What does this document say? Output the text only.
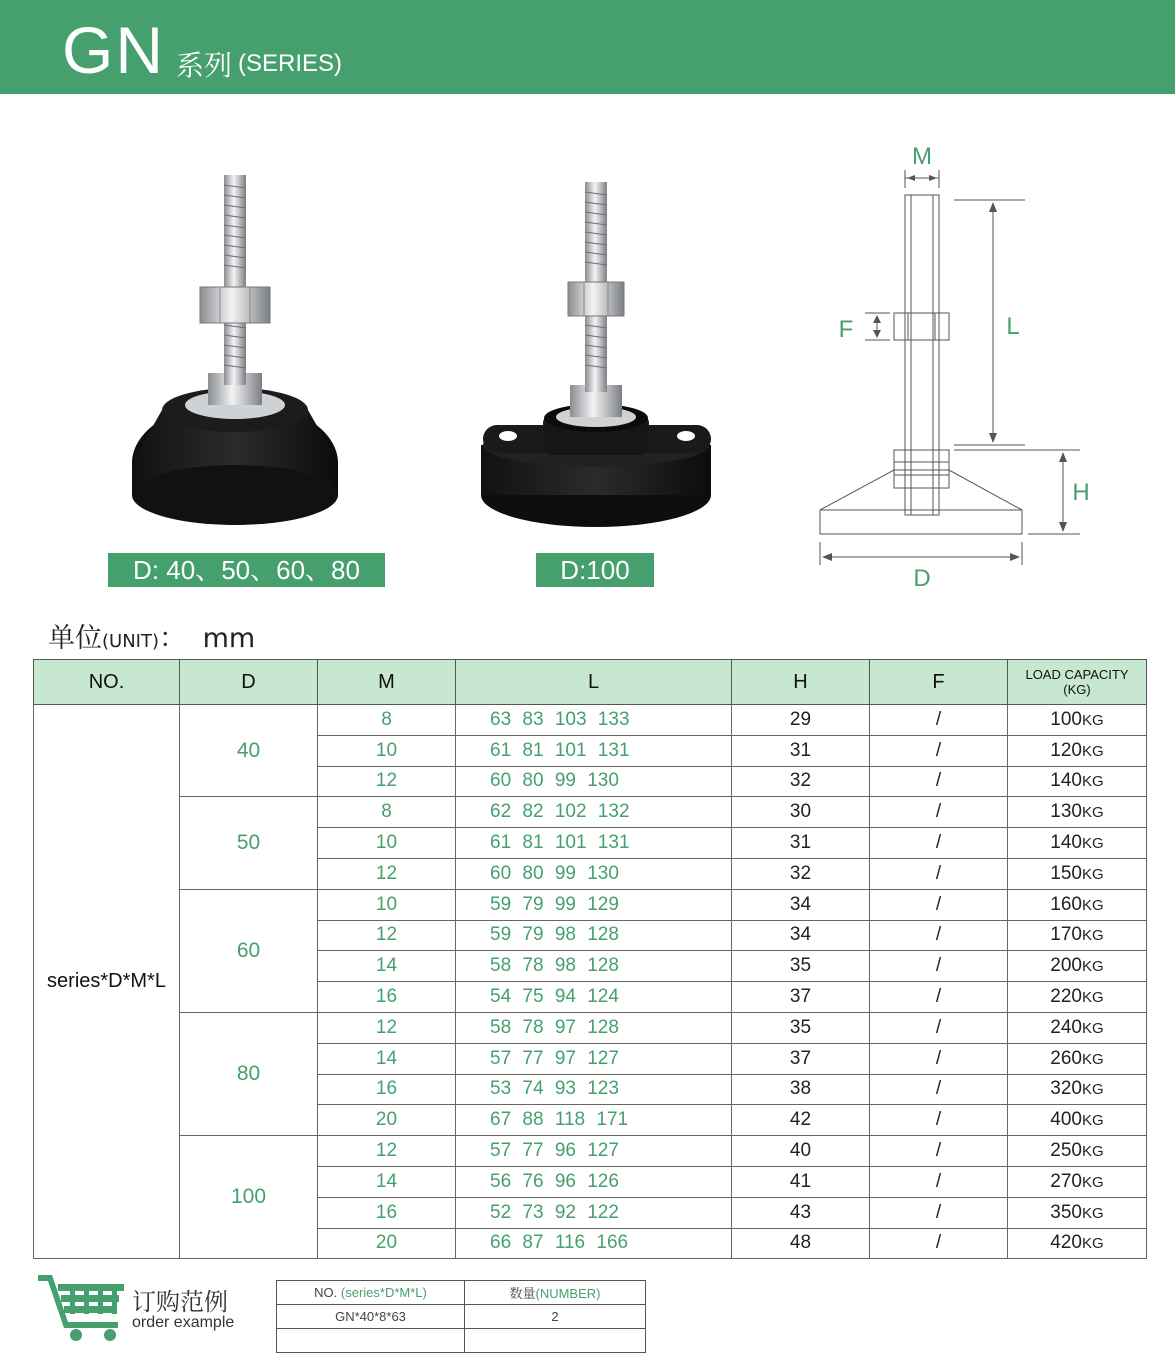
GN 系列 (SERIES)
D: 40、50、60、80	D:100
M
F	L
H
D
单位(UNIT)： mm
NO.	D	M	L	H	F	LOAD CAPACITY
(KG)
series*D*M*L	40	8	63 83 103 133	29	/	100KG
		10	61 81 101 131	31	/	120KG
		12	60 80 99 130	32	/	140KG
	50	8	62 82 102 132	30	/	130KG
		10	61 81 101 131	31	/	140KG
		12	60 80 99 130	32	/	150KG
	60	10	59 79 99 129	34	/	160KG
		12	59 79 98 128	34	/	170KG
		14	58 78 98 128	35	/	200KG
		16	54 75 94 124	37	/	220KG
	80	12	58 78 97 128	35	/	240KG
		14	57 77 97 127	37	/	260KG
		16	53 74 93 123	38	/	320KG
		20	67 88 118 171	42	/	400KG
	100	12	57 77 96 127	40	/	250KG
		14	56 76 96 126	41	/	270KG
		16	52 73 92 122	43	/	350KG
		20	66 87 116 166	48	/	420KG
订购范例
order example
NO. (series*D*M*L)	数量(NUMBER)
GN*40*8*63	2
